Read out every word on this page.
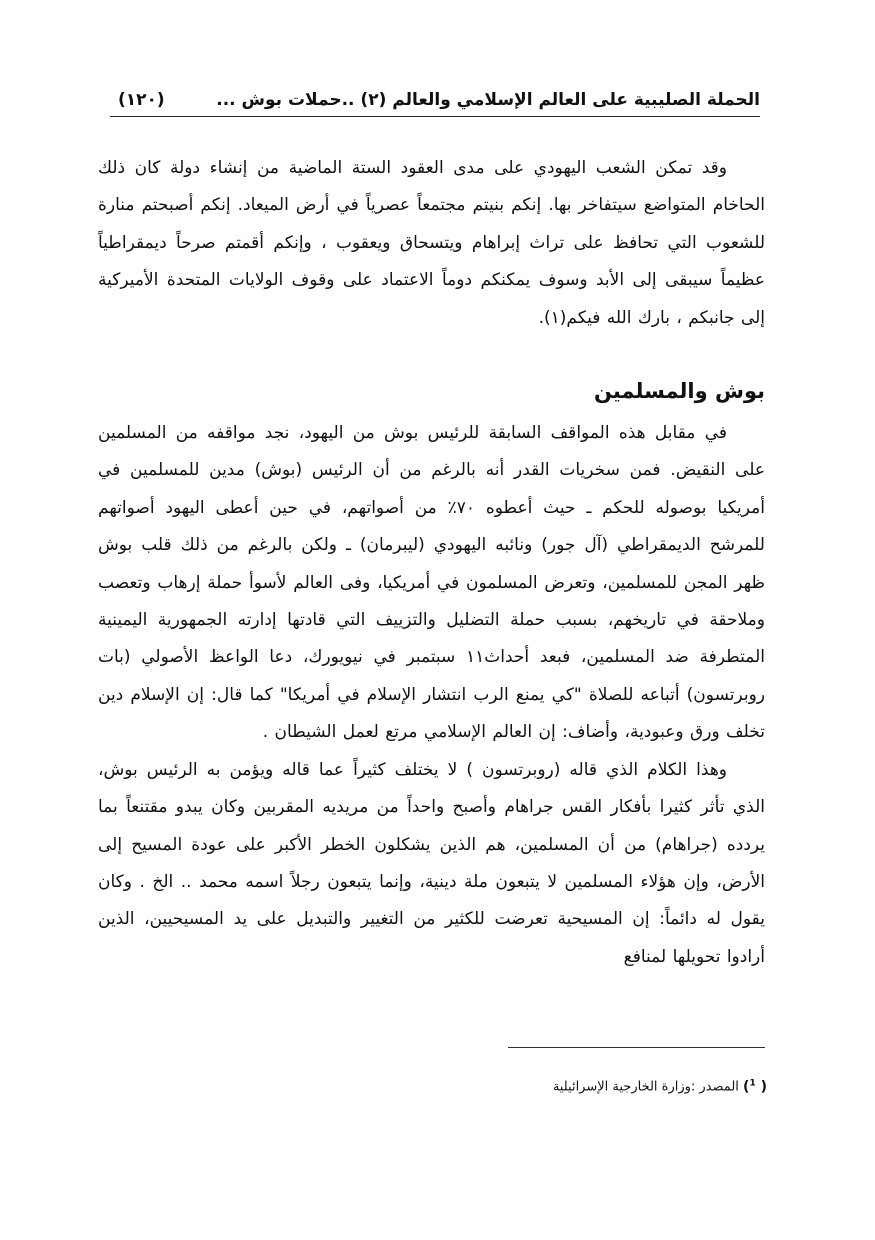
الحملة الصليبية على العالم الإسلامي والعالم (٢) ..حملات بوش ...
(١٢٠)

وقد تمكن الشعب اليهودي على مدى العقود الستة الماضية من إنشاء دولة كان ذلك الحاخام المتواضع سيتفاخر بها. إنكم بنيتم مجتمعاً عصرياً في أرض الميعاد. إنكم أصبحتم منارة للشعوب التي تحافظ على تراث إبراهام ويتسحاق ويعقوب ، وإنكم أقمتم صرحاً ديمقراطياً عظيماً سيبقى إلى الأبد وسوف يمكنكم دوماً الاعتماد على وقوف الولايات المتحدة الأميركية إلى جانبكم ، بارك الله فيكم(١).

بوش والمسلمين

في مقابل هذه المواقف السابقة للرئيس بوش من اليهود، نجد مواقفه من المسلمين على النقيض. فمن سخريات القدر أنه بالرغم من أن الرئيس (بوش) مدين للمسلمين في أمريكيا بوصوله للحكم ـ حيث أعطوه ٧٠٪ من أصواتهم، في حين أعطى اليهود أصواتهم للمرشح الديمقراطي (آل جور) ونائبه اليهودي (ليبرمان) ـ ولكن بالرغم من ذلك قلب بوش ظهر المجن للمسلمين، وتعرض المسلمون في أمريكيا، وفى العالم لأسوأ حملة إرهاب وتعصب وملاحقة في تاريخهم، بسبب حملة التضليل والتزييف التي قادتها إدارته الجمهورية اليمينية المتطرفة ضد المسلمين، فبعد أحداث١١ سبتمبر في نيويورك، دعا الواعظ الأصولي (بات روبرتسون) أتباعه للصلاة "كي يمنع الرب انتشار الإسلام في أمريكا" كما قال: إن الإسلام دين تخلف ورق وعبودية، وأضاف: إن العالم الإسلامي مرتع لعمل الشيطان .

وهذا الكلام الذي قاله (روبرتسون ) لا يختلف كثيراً عما قاله ويؤمن به الرئيس بوش، الذي تأثر كثيرا بأفكار القس جراهام وأصبح واحداً من مريديه المقربين وكان يبدو مقتنعاً بما يردده (جراهام) من أن المسلمين، هم الذين يشكلون الخطر الأكبر على عودة المسيح إلى الأرض، وإن هؤلاء المسلمين لا يتبعون ملة دينية، وإنما يتبعون رجلاً اسمه محمد .. الخ . وكان يقول له دائماً: إن المسيحية تعرضت للكثير من التغيير والتبديل على يد المسيحيين، الذين أرادوا تحويلها لمنافع

( $^1$) المصدر :وزارة الخارجية الإسرائيلية
